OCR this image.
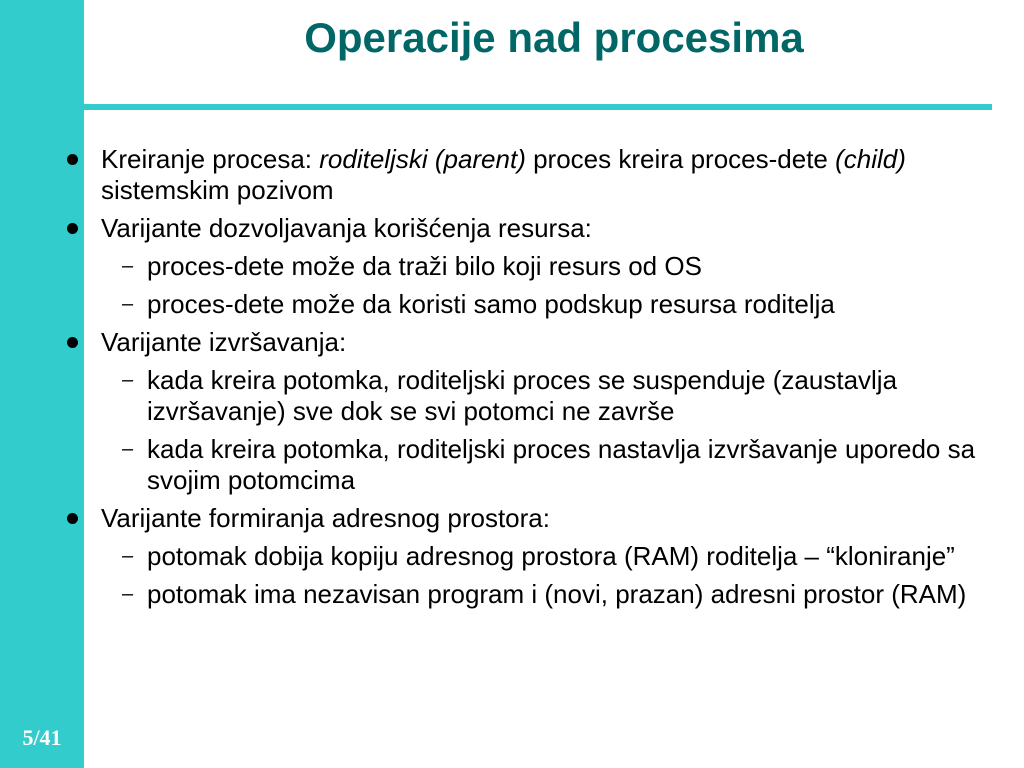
Operacije nad procesima
Kreiranje procesa: roditeljski (parent) proces kreira proces-dete (child) sistemskim pozivom
Varijante dozvoljavanja korišćenja resursa:
– proces-dete može da traži bilo koji resurs od OS
– proces-dete može da koristi samo podskup resursa roditelja
Varijante izvršavanja:
– kada kreira potomka, roditeljski proces se suspenduje (zaustavlja izvršavanje) sve dok se svi potomci ne završe
– kada kreira potomka, roditeljski proces nastavlja izvršavanje uporedo sa svojim potomcima
Varijante formiranja adresnog prostora:
– potomak dobija kopiju adresnog prostora (RAM) roditelja – “kloniranje”
– potomak ima nezavisan program i (novi, prazan) adresni prostor (RAM)
5/41
